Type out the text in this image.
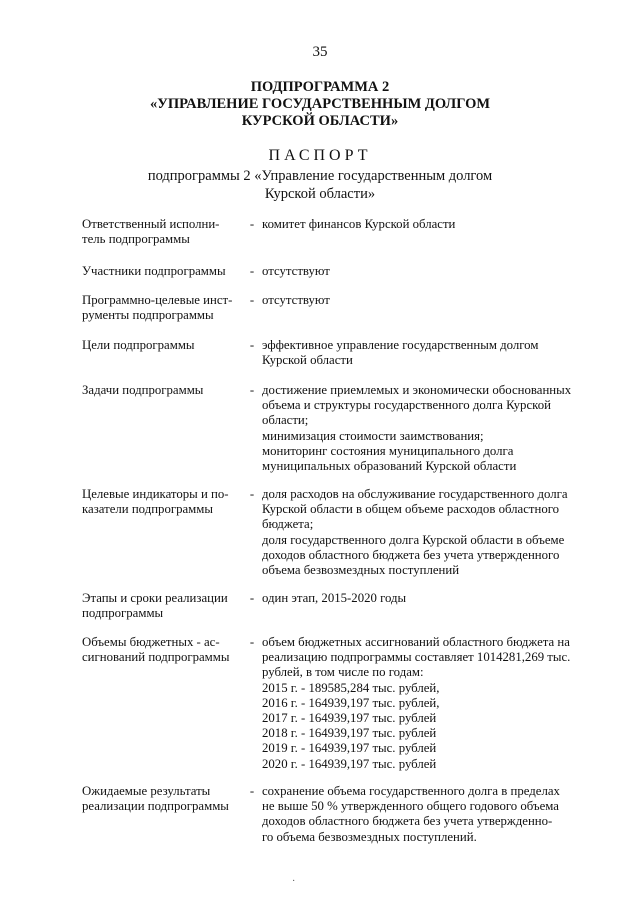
35
ПОДПРОГРАММА 2
«УПРАВЛЕНИЕ ГОСУДАРСТВЕННЫМ ДОЛГОМ
КУРСКОЙ ОБЛАСТИ»
ПАСПОРТ
подпрограммы 2 «Управление государственным долгом
Курской области»
Ответственный исполни-
тель подпрограммы
- комитет финансов Курской области
Участники подпрограммы	- отсутствуют
Программно-целевые инст-
рументы подпрограммы
- отсутствуют
Цели подпрограммы	- эффективное управление государственным долгом
Курской области
Задачи подпрограммы	- достижение приемлемых и экономически обоснованных
объема и структуры государственного долга Курской
области;
минимизация стоимости заимствования;
мониторинг состояния муниципального долга
муниципальных образований Курской области
Целевые индикаторы и по-
казатели подпрограммы
- доля расходов на обслуживание государственного долга
Курской области в общем объеме расходов областного
бюджета;
доля государственного долга Курской области в объеме
доходов областного бюджета без учета утвержденного
объема безвозмездных поступлений
Этапы и сроки реализации
подпрограммы
- один этап, 2015-2020 годы
Объемы бюджетных - ас-
сигнований подпрограммы
- объем бюджетных ассигнований областного бюджета на
реализацию подпрограммы составляет 1014281,269 тыс.
рублей, в том числе по годам:
2015 г. - 189585,284 тыс. рублей,
2016 г. - 164939,197 тыс. рублей,
2017 г. - 164939,197 тыс. рублей
2018 г. - 164939,197 тыс. рублей
2019 г. - 164939,197 тыс. рублей
2020 г. - 164939,197 тыс. рублей
Ожидаемые результаты
реализации подпрограммы
- сохранение объема государственного долга в пределах
не выше 50 % утвержденного общего годового объема
доходов областного бюджета без учета утвержденно-
го объема безвозмездных поступлений.
·
